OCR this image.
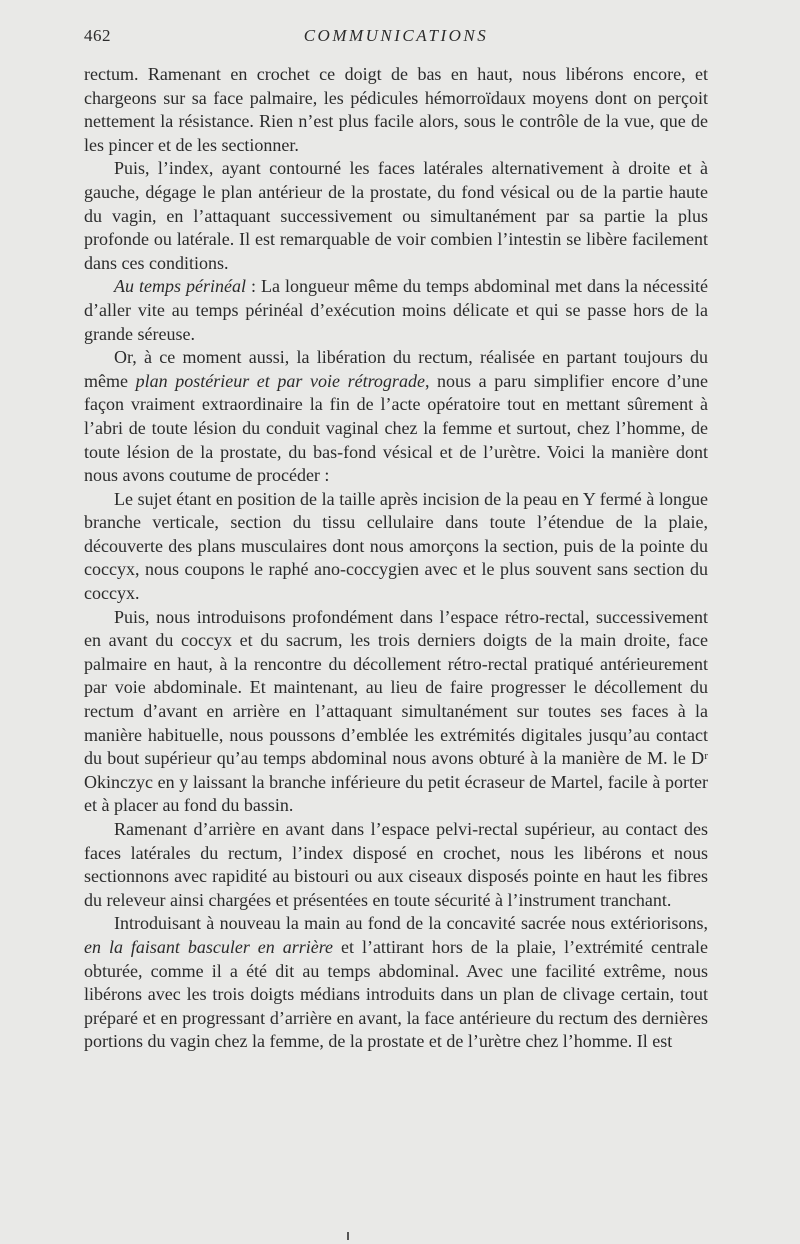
462	COMMUNICATIONS

rectum. Ramenant en crochet ce doigt de bas en haut, nous libérons encore, et chargeons sur sa face palmaire, les pédicules hémorroïdaux moyens dont on perçoit nettement la résistance. Rien n’est plus facile alors, sous le contrôle de la vue, que de les pincer et de les sectionner.

Puis, l’index, ayant contourné les faces latérales alternativement à droite et à gauche, dégage le plan antérieur de la prostate, du fond vésical ou de la partie haute du vagin, en l’attaquant successivement ou simultanément par sa partie la plus profonde ou latérale. Il est remarquable de voir combien l’intestin se libère facilement dans ces conditions.

Au temps périnéal : La longueur même du temps abdominal met dans la nécessité d’aller vite au temps périnéal d’exécution moins délicate et qui se passe hors de la grande séreuse.

Or, à ce moment aussi, la libération du rectum, réalisée en partant toujours du même plan postérieur et par voie rétrograde, nous a paru simplifier encore d’une façon vraiment extraordinaire la fin de l’acte opératoire tout en mettant sûrement à l’abri de toute lésion du conduit vaginal chez la femme et surtout, chez l’homme, de toute lésion de la prostate, du bas-fond vésical et de l’urètre. Voici la manière dont nous avons coutume de procéder :

Le sujet étant en position de la taille après incision de la peau en Y fermé à longue branche verticale, section du tissu cellulaire dans toute l’étendue de la plaie, découverte des plans musculaires dont nous amorçons la section, puis de la pointe du coccyx, nous coupons le raphé ano-coccygien avec et le plus souvent sans section du coccyx.

Puis, nous introduisons profondément dans l’espace rétro-rectal, successivement en avant du coccyx et du sacrum, les trois derniers doigts de la main droite, face palmaire en haut, à la rencontre du décollement rétro-rectal pratiqué antérieurement par voie abdominale. Et maintenant, au lieu de faire progresser le décollement du rectum d’avant en arrière en l’attaquant simultanément sur toutes ses faces à la manière habituelle, nous poussons d’emblée les extrémités digitales jusqu’au contact du bout supérieur qu’au temps abdominal nous avons obturé à la manière de M. le Dʳ Okinczyc en y laissant la branche inférieure du petit écraseur de Martel, facile à porter et à placer au fond du bassin.

Ramenant d’arrière en avant dans l’espace pelvi-rectal supérieur, au contact des faces latérales du rectum, l’index disposé en crochet, nous les libérons et nous sectionnons avec rapidité au bistouri ou aux ciseaux disposés pointe en haut les fibres du releveur ainsi chargées et présentées en toute sécurité à l’instrument tranchant.

Introduisant à nouveau la main au fond de la concavité sacrée nous extériorisons, en la faisant basculer en arrière et l’attirant hors de la plaie, l’extrémité centrale obturée, comme il a été dit au temps abdominal. Avec une facilité extrême, nous libérons avec les trois doigts médians introduits dans un plan de clivage certain, tout préparé et en progressant d’arrière en avant, la face antérieure du rectum des dernières portions du vagin chez la femme, de la prostate et de l’urètre chez l’homme. Il est
